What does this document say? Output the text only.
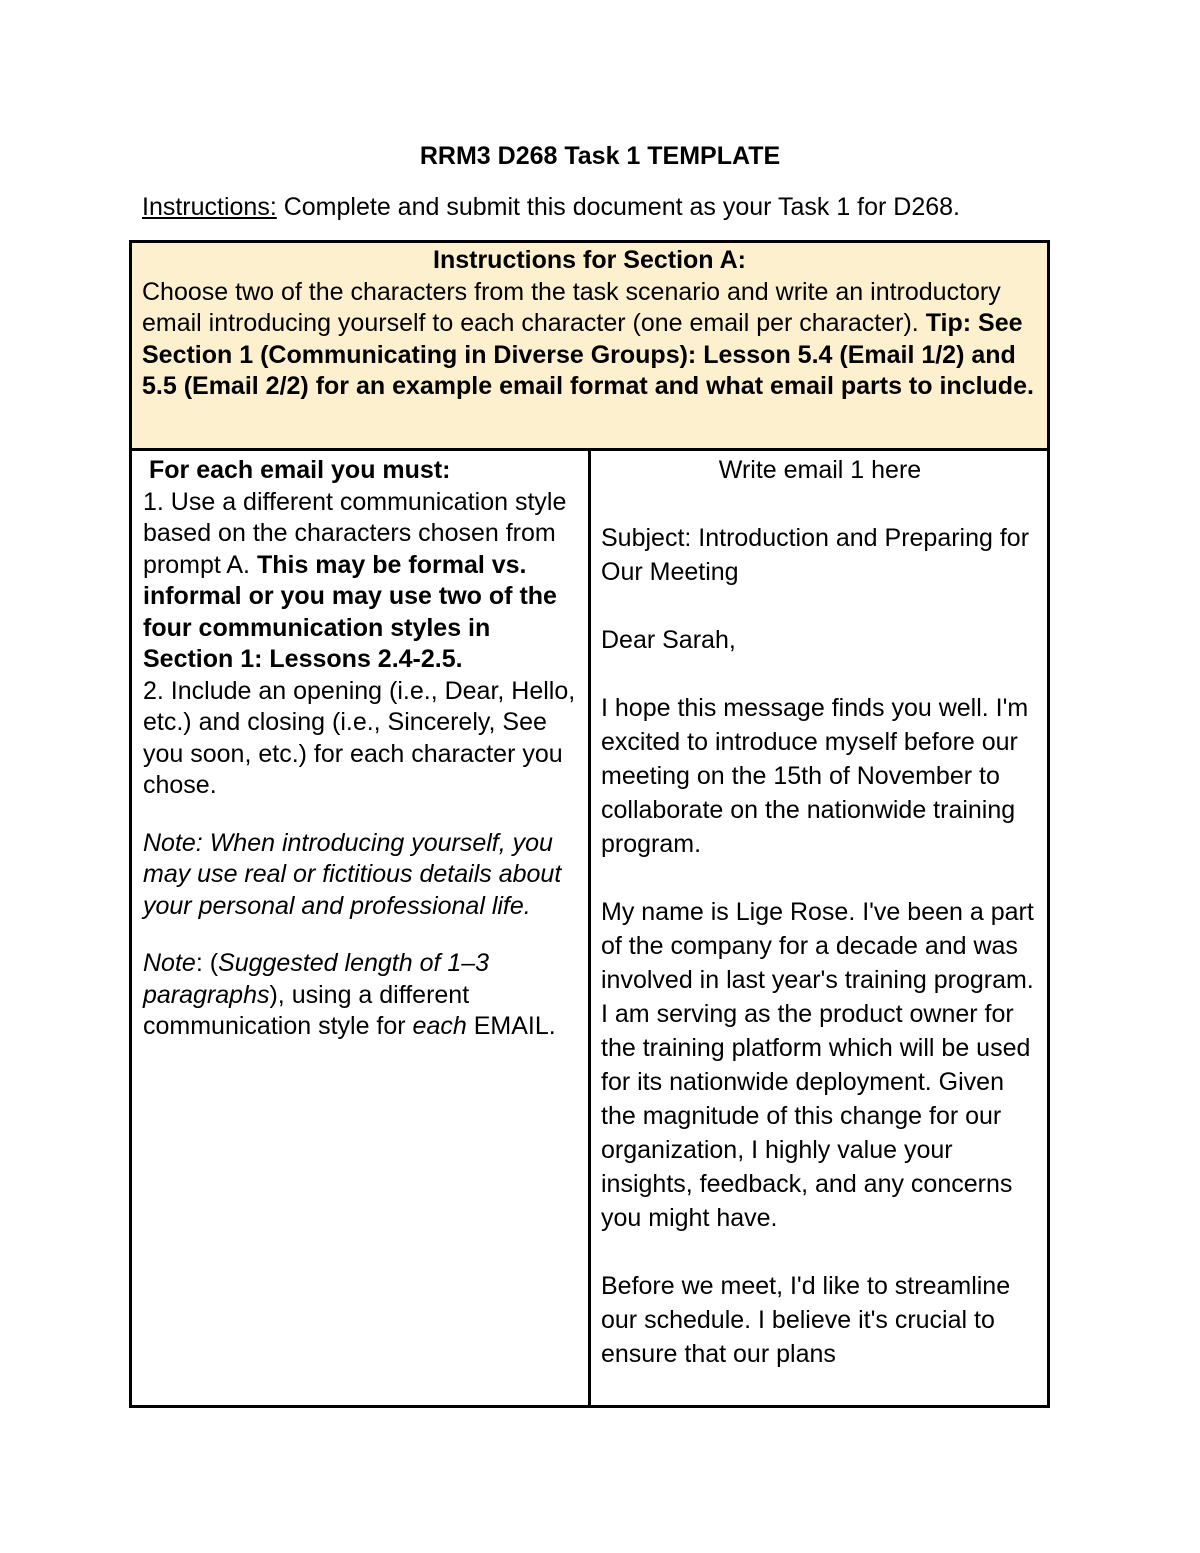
RRM3 D268 Task 1 TEMPLATE
Instructions: Complete and submit this document as your Task 1 for D268.
Instructions for Section A:
Choose two of the characters from the task scenario and write an introductory email introducing yourself to each character (one email per character). Tip: See Section 1 (Communicating in Diverse Groups): Lesson 5.4 (Email 1/2) and 5.5 (Email 2/2) for an example email format and what email parts to include.

For each email you must:
1. Use a different communication style based on the characters chosen from prompt A. This may be formal vs. informal or you may use two of the four communication styles in Section 1: Lessons 2.4-2.5.
2. Include an opening (i.e., Dear, Hello, etc.) and closing (i.e., Sincerely, See you soon, etc.) for each character you chose.
Note: When introducing yourself, you may use real or fictitious details about your personal and professional life.
Note: (Suggested length of 1–3 paragraphs), using a different communication style for each EMAIL.

Write email 1 here

Subject: Introduction and Preparing for Our Meeting

Dear Sarah,

I hope this message finds you well. I'm excited to introduce myself before our meeting on the 15th of November to collaborate on the nationwide training program.

My name is Lige Rose. I've been a part of the company for a decade and was involved in last year's training program. I am serving as the product owner for the training platform which will be used for its nationwide deployment. Given the magnitude of this change for our organization, I highly value your insights, feedback, and any concerns you might have.

Before we meet, I'd like to streamline our schedule. I believe it's crucial to ensure that our plans
